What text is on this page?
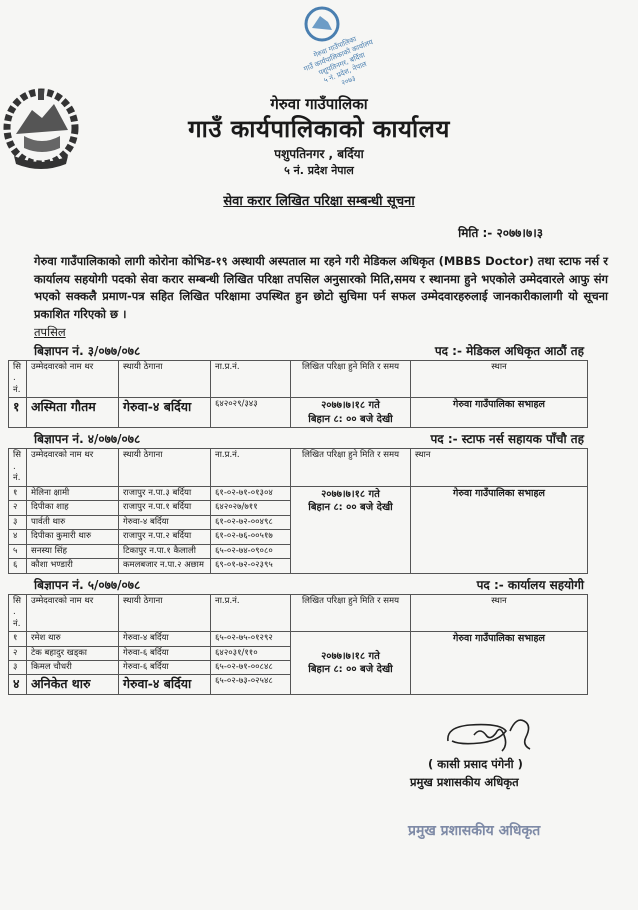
गेरुवा गाउँपालिका
गाउँ कार्यपालिकाको कार्यालय
पशुपतिनगर, बर्दिया
५ नं. प्रदेश, नेपाल
२०७३
गेरुवा गाउँपालिका
गाउँ कार्यपालिकाको कार्यालय
पशुपतिनगर , बर्दिया
५ नं. प्रदेश नेपाल
सेवा करार लिखित परिक्षा सम्बन्धी सूचना
मिति :- २०७७।७।३
गेरुवा गाउँपालिकाको लागी कोरोना कोभिड-१९ अस्थायी अस्पताल मा रहने गरी मेडिकल अधिकृत (MBBS Doctor) तथा स्टाफ नर्स र कार्यालय सहयोगी पदको सेवा करार सम्बन्धी लिखित परिक्षा तपसिल अनुसारको मिति,समय र स्थानमा हुने भएकोले उम्मेदवारले आफु संग भएको सक्कलै प्रमाण-पत्र सहित लिखित परिक्षामा उपस्थित हुन छोटो सुचिमा पर्न सफल उम्मेदवारहरुलाई जानकारीकालागी यो सूचना प्रकाशित गरिएको छ ।
तपसिल
बिज्ञापन नं. ३/०७७/०७८	पद :- मेडिकल अधिकृत आठौं तह
सि. नं.	उम्मेदवारको नाम थर	स्थायी ठेगाना	ना.प्र.नं.	लिखित परिक्षा हुने मिति र समय	स्थान
१	अस्मिता गौतम	गेरुवा-४ बर्दिया	६४२०२९/३४३	२०७७।७।१८ गते
बिहान ८: ०० बजे देखी	गेरुवा गाउँपालिका सभाहल
बिज्ञापन नं. ४/०७७/०७८	पद :- स्टाफ नर्स सहायक पाँचौ तह
सि. नं.	उम्मेदवारको नाम थर	स्थायी ठेगाना	ना.प्र.नं.	लिखित परिक्षा हुने मिति र समय	स्थान
१	मेलिना क्षामी	राजापुर न.पा.३ बर्दिया	६१-०२-७१-०१३०४	२०७७।७।१८ गते
बिहान ८: ०० बजे देखी	गेरुवा गाउँपालिका सभाहल
२	दिपीका शाह	राजापुर न.पा.१ बर्दिया	६४२०२७/७११		
३	पार्वती थारु	गेरुवा-४ बर्दिया	६१-०२-७२-००४९८		
४	दिपीका कुमारी थारु	राजापुर न.पा.२ बर्दिया	६१-०२-७६-००५१७		
५	सनस्या सिंह	टिकापुर न.पा.१ कैलाली	६५-०२-७४-०९०८०		
६	कौशा भण्डारी	कमलबजार न.पा.२ अछाम	६९-०१-७२-०२३९५		
बिज्ञापन नं. ५/०७७/०७८	पद :- कार्यालय सहयोगी
सि. नं.	उम्मेदवारको नाम थर	स्थायी ठेगाना	ना.प्र.नं.	लिखित परिक्षा हुने मिति र समय	स्थान
१	रमेश थारु	गेरुवा-४ बर्दिया	६५-०२-७५-०१२९२	२०७७।७।१८ गते
बिहान ८: ०० बजे देखी	गेरुवा गाउँपालिका सभाहल
२	टेक बहादुर खड्का	गेरुवा-६ बर्दिया	६४२०३१/११०		
३	किमल चौधरी	गेरुवा-६ बर्दिया	६५-०२-७१-००८४८		
४	अनिकेत थारु	गेरुवा-४ बर्दिया	६५-०२-७३-०२५४८		
( कासी प्रसाद पंगेनी )
प्रमुख प्रशासकीय अधिकृत
प्रमुख प्रशासकीय अधिकृत
